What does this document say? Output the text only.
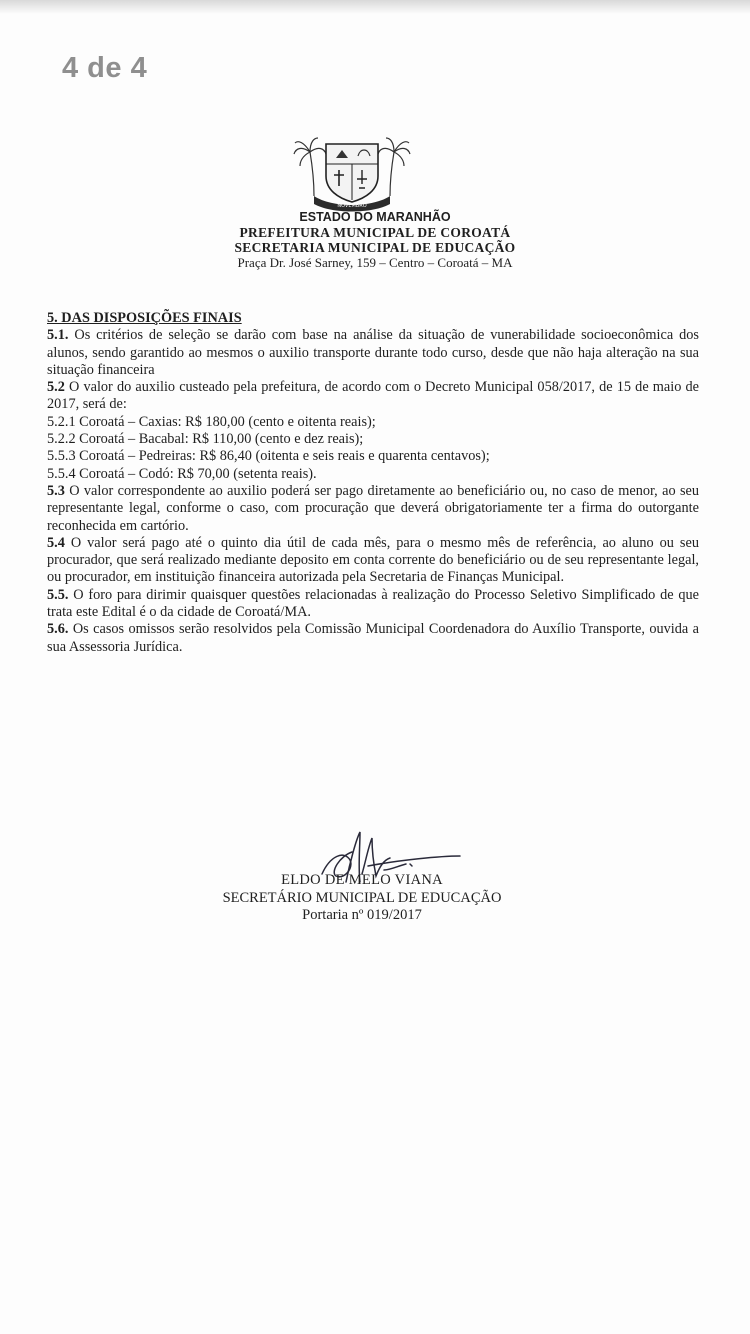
4 de 4
NOVEMBRO
ESTADO DO MARANHÃO
PREFEITURA MUNICIPAL DE COROATÁ
SECRETARIA MUNICIPAL DE EDUCAÇÃO
Praça Dr. José Sarney, 159 – Centro – Coroatá – MA
5. DAS DISPOSIÇÕES FINAIS

5.1. Os critérios de seleção se darão com base na análise da situação de vunerabilidade socioeconômica dos alunos, sendo garantido ao mesmos o auxilio transporte durante todo curso, desde que não haja alteração na sua situação financeira

5.2 O valor do auxilio custeado pela prefeitura, de acordo com o Decreto Municipal 058/2017, de 15 de maio de 2017, será de:

5.2.1 Coroatá – Caxias: R$ 180,00 (cento e oitenta reais);
5.2.2 Coroatá – Bacabal: R$ 110,00 (cento e dez reais);
5.5.3 Coroatá – Pedreiras: R$ 86,40 (oitenta e seis reais e quarenta centavos);
5.5.4 Coroatá – Codó: R$ 70,00 (setenta reais).

5.3 O valor correspondente ao auxilio poderá ser pago diretamente ao beneficiário ou, no caso de menor, ao seu representante legal, conforme o caso, com procuração que deverá obrigatoriamente ter a firma do outorgante reconhecida em cartório.

5.4 O valor será pago até o quinto dia útil de cada mês, para o mesmo mês de referência, ao aluno ou seu procurador, que será realizado mediante deposito em conta corrente do beneficiário ou de seu representante legal, ou procurador, em instituição financeira autorizada pela Secretaria de Finanças Municipal.

5.5. O foro para dirimir quaisquer questões relacionadas à realização do Processo Seletivo Simplificado de que trata este Edital é o da cidade de Coroatá/MA.

5.6. Os casos omissos serão resolvidos pela Comissão Municipal Coordenadora do Auxílio Transporte, ouvida a sua Assessoria Jurídica.

ELDO DE MELO VIANA
SECRETÁRIO MUNICIPAL DE EDUCAÇÃO
Portaria nº 019/2017
